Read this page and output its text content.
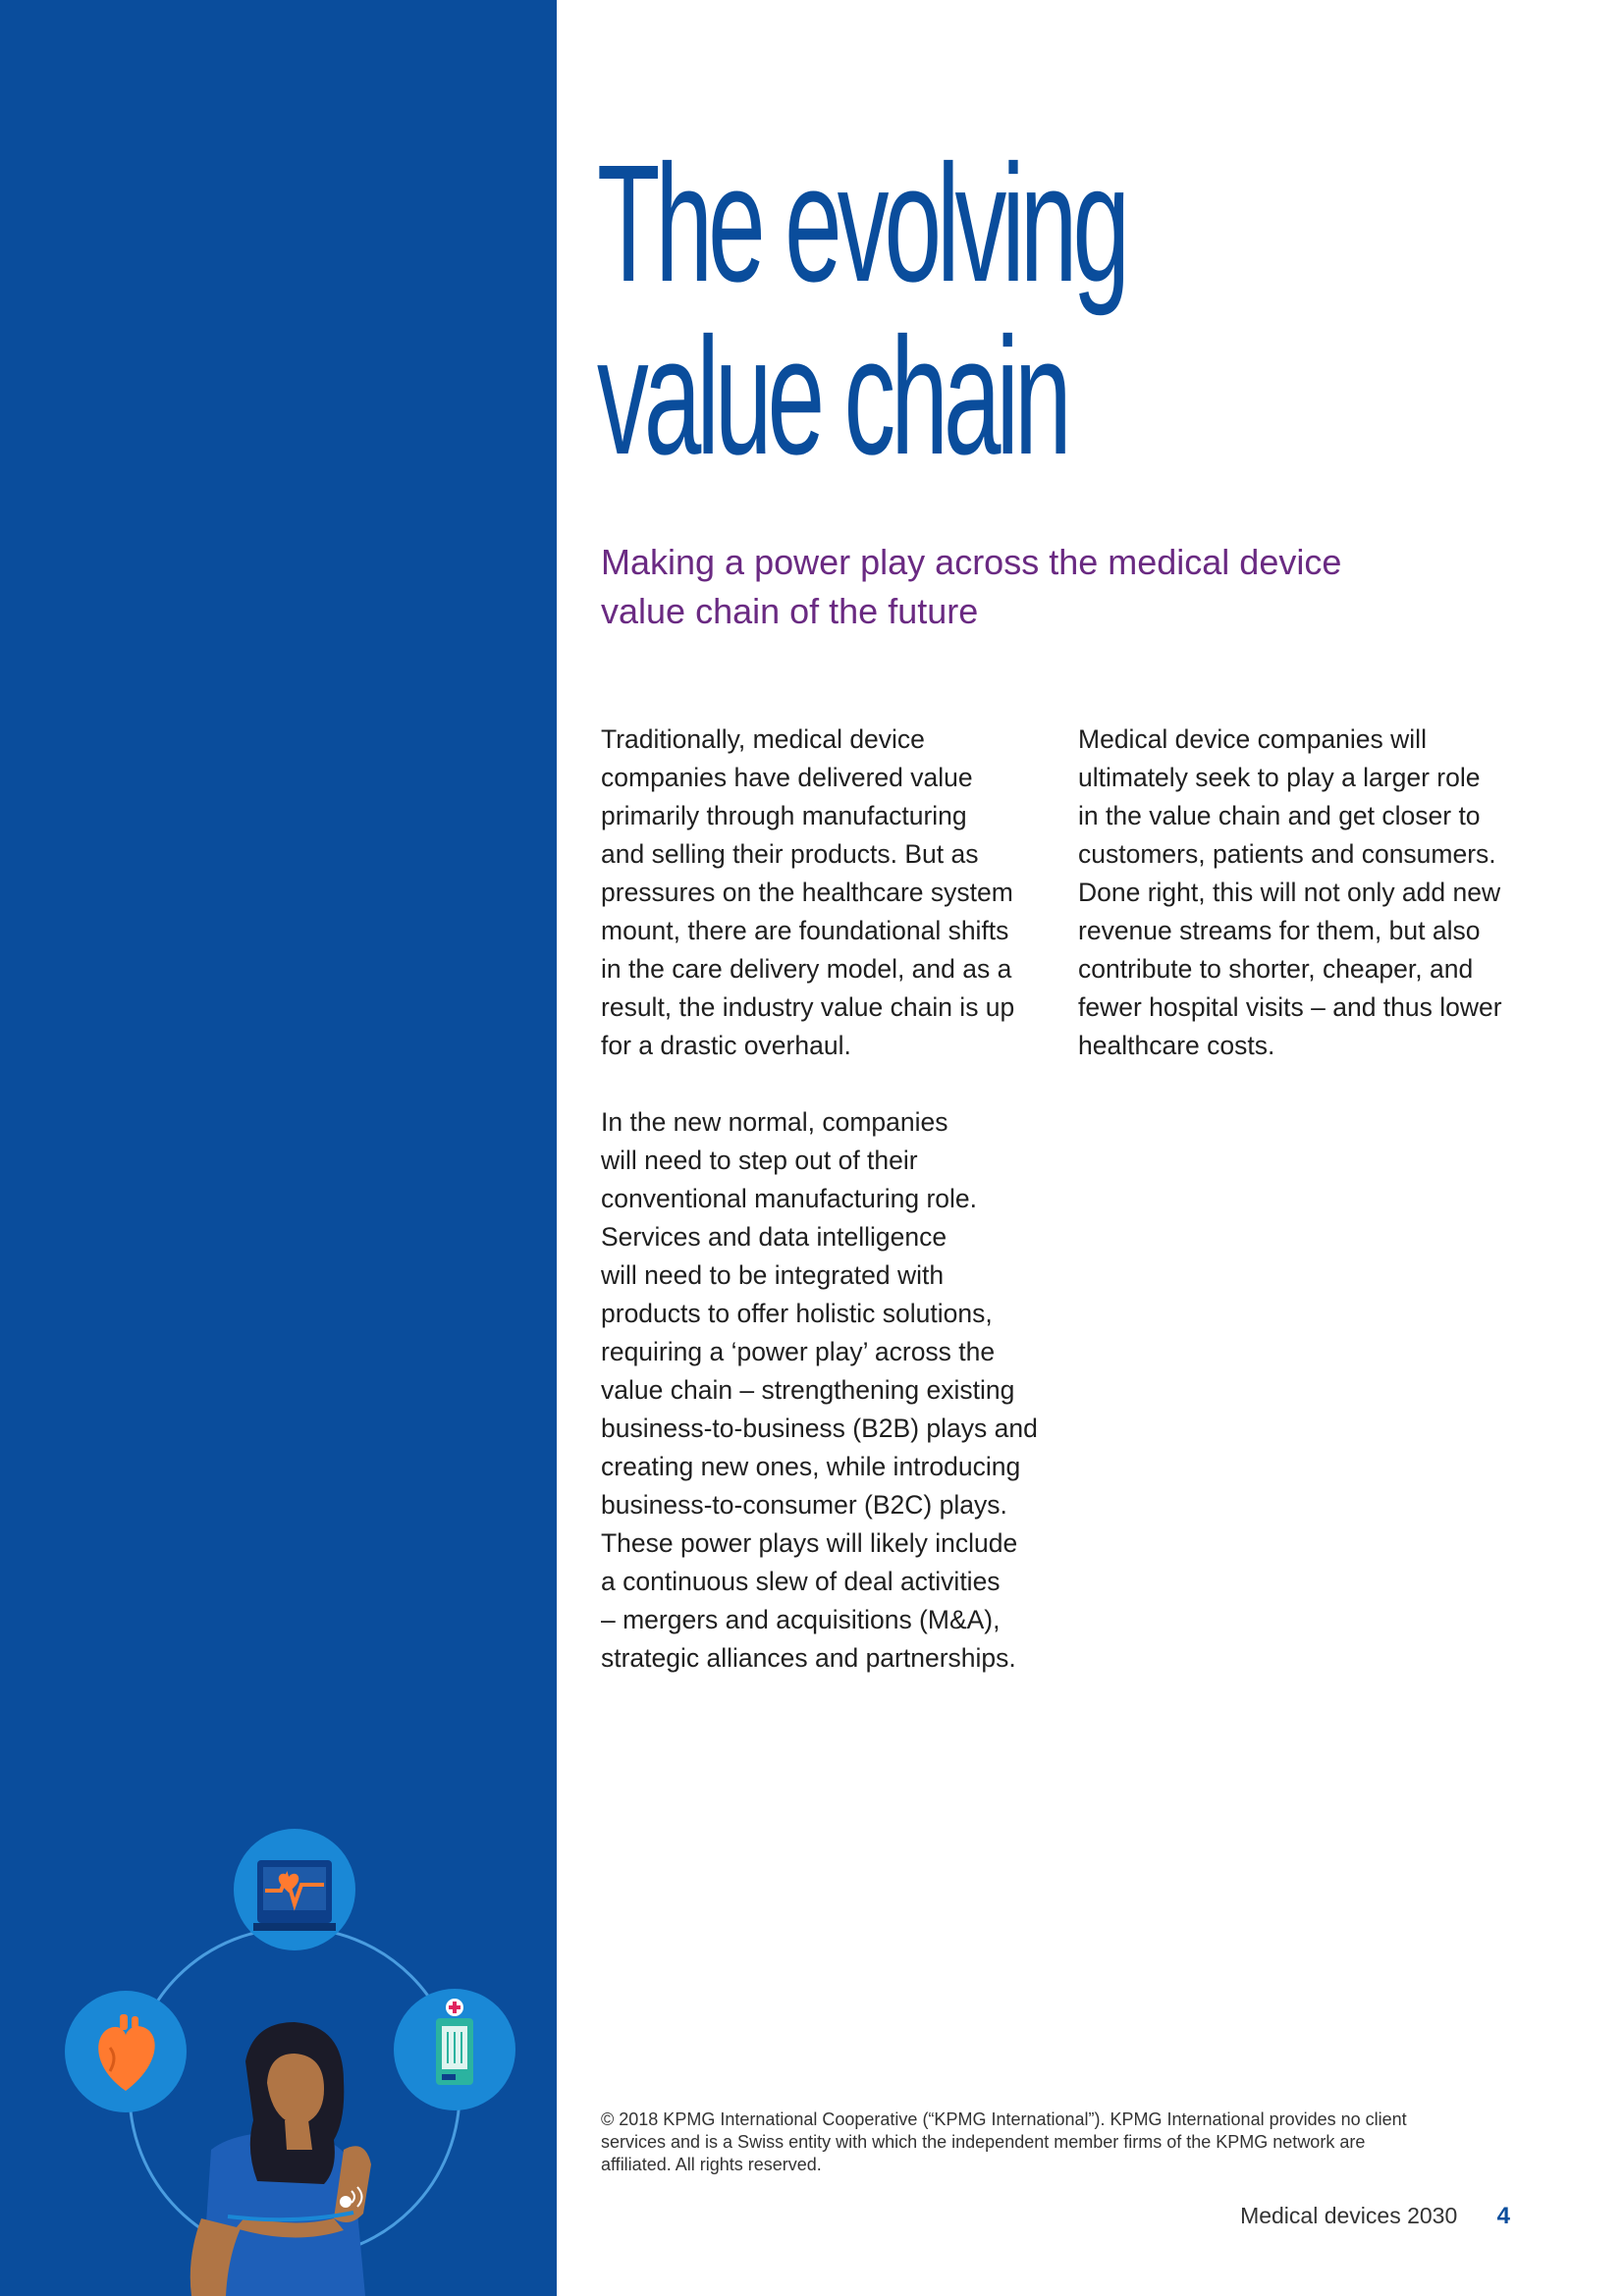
The evolving
value chain
Making a power play across the medical device
value chain of the future

Traditionally, medical device
companies have delivered value
primarily through manufacturing
and selling their products. But as
pressures on the healthcare system
mount, there are foundational shifts
in the care delivery model, and as a
result, the industry value chain is up
for a drastic overhaul.

In the new normal, companies
will need to step out of their
conventional manufacturing role.
Services and data intelligence
will need to be integrated with
products to offer holistic solutions,
requiring a ‘power play’ across the
value chain – strengthening existing
business-to-business (B2B) plays and
creating new ones, while introducing
business-to-consumer (B2C) plays.
These power plays will likely include
a continuous slew of deal activities
– mergers and acquisitions (M&A),
strategic alliances and partnerships.

Medical device companies will
ultimately seek to play a larger role
in the value chain and get closer to
customers, patients and consumers.
Done right, this will not only add new
revenue streams for them, but also
contribute to shorter, cheaper, and
fewer hospital visits – and thus lower
healthcare costs.

© 2018 KPMG International Cooperative (“KPMG International”). KPMG International provides no client
services and is a Swiss entity with which the independent member firms of the KPMG network are
affiliated. All rights reserved.
Medical devices 2030 4
